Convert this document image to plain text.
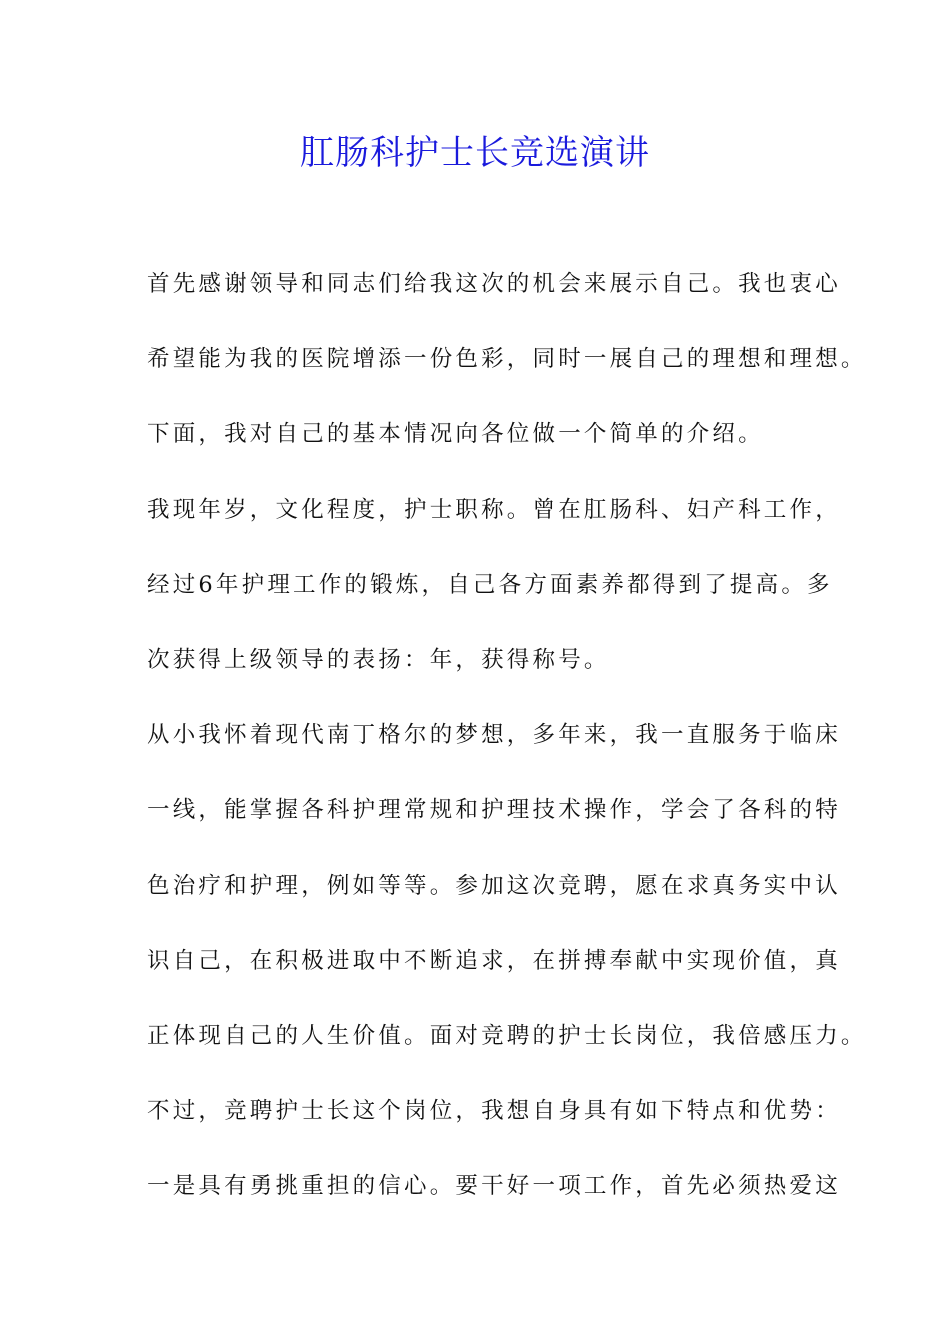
肛肠科护士长竞选演讲
首先感谢领导和同志们给我这次的机会来展示自己。我也衷心
希望能为我的医院增添一份色彩，同时一展自己的理想和理想。
下面，我对自己的基本情况向各位做一个简单的介绍。
我现年岁，文化程度，护士职称。曾在肛肠科、妇产科工作，
经过6年护理工作的锻炼，自己各方面素养都得到了提高。多
次获得上级领导的表扬：年，获得称号。
从小我怀着现代南丁格尔的梦想，多年来，我一直服务于临床
一线，能掌握各科护理常规和护理技术操作，学会了各科的特
色治疗和护理，例如等等。参加这次竞聘，愿在求真务实中认
识自己，在积极进取中不断追求，在拼搏奉献中实现价值，真
正体现自己的人生价值。面对竞聘的护士长岗位，我倍感压力。
不过，竞聘护士长这个岗位，我想自身具有如下特点和优势：
一是具有勇挑重担的信心。要干好一项工作，首先必须热爱这
